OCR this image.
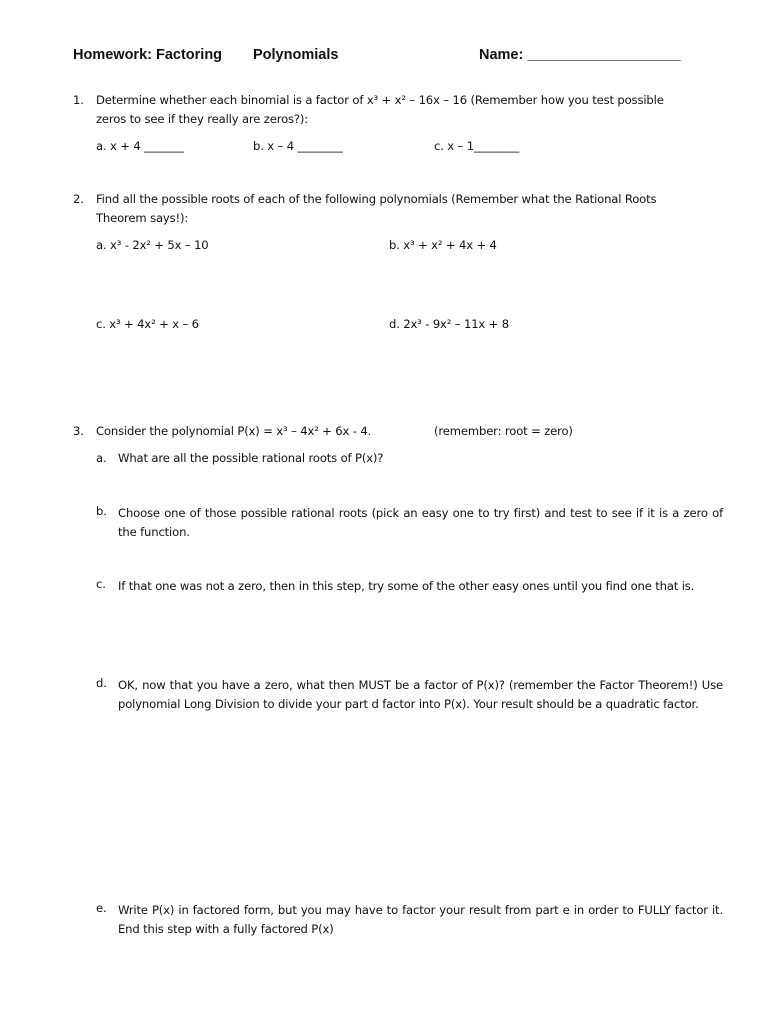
Homework: Factoring Polynomials	Name: ___________________
1. Determine whether each binomial is a factor of x³ + x² – 16x – 16 (Remember how you test possible
zeros to see if they really are zeros?):
a. x + 4 _______	b. x – 4 ________	c. x – 1________
2. Find all the possible roots of each of the following polynomials (Remember what the Rational Roots
Theorem says!):
a. x³ - 2x² + 5x – 10	b. x³ + x² + 4x + 4
c. x³ + 4x² + x – 6	d. 2x³ - 9x² – 11x + 8
3. Consider the polynomial P(x) = x³ – 4x² + 6x - 4.	(remember: root = zero)
a. What are all the possible rational roots of P(x)?
b. Choose one of those possible rational roots (pick an easy one to try first) and test to see if it is a zero of the function.
c. If that one was not a zero, then in this step, try some of the other easy ones until you find one that is.
d. OK, now that you have a zero, what then MUST be a factor of P(x)? (remember the Factor Theorem!) Use polynomial Long Division to divide your part d factor into P(x). Your result should be a quadratic factor.
e. Write P(x) in factored form, but you may have to factor your result from part e in order to FULLY factor it. End this step with a fully factored P(x)
